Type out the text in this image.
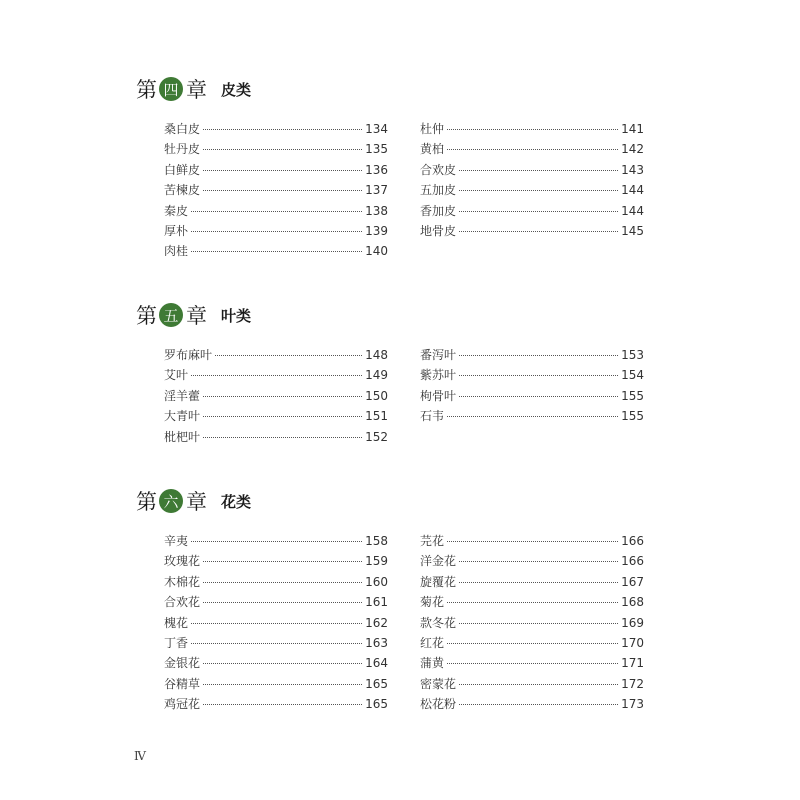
第 四 章 皮类
桑白皮	134
牡丹皮	135
白鲜皮	136
苦楝皮	137
秦皮	138
厚朴	139
肉桂	140
杜仲	141
黄柏	142
合欢皮	143
五加皮	144
香加皮	144
地骨皮	145
第 五 章 叶类
罗布麻叶	148
艾叶	149
淫羊藿	150
大青叶	151
枇杷叶	152
番泻叶	153
紫苏叶	154
枸骨叶	155
石韦	155
第 六 章 花类
辛夷	158
玫瑰花	159
木棉花	160
合欢花	161
槐花	162
丁香	163
金银花	164
谷精草	165
鸡冠花	165
芫花	166
洋金花	166
旋覆花	167
菊花	168
款冬花	169
红花	170
蒲黄	171
密蒙花	172
松花粉	173
Ⅳ
